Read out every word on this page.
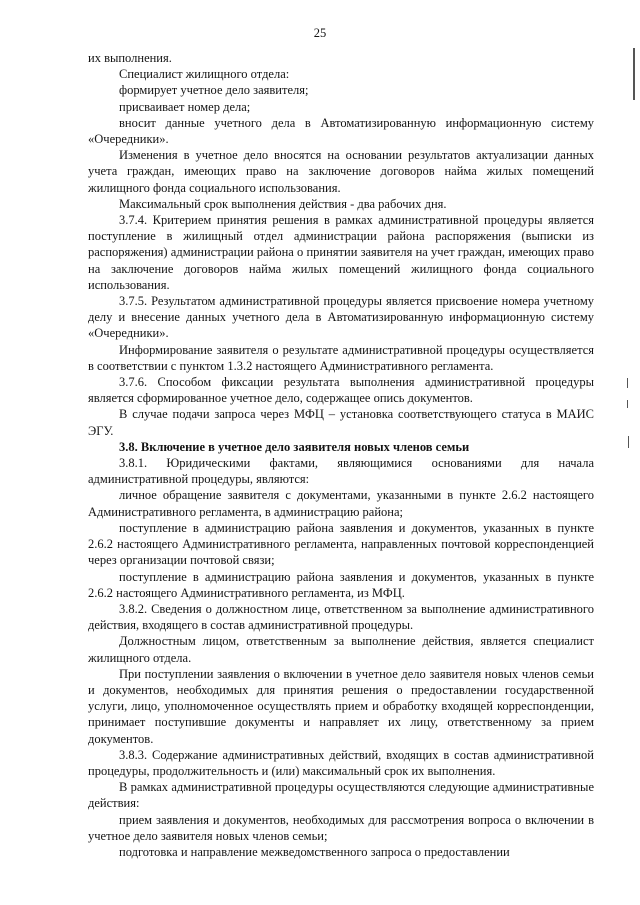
25

их выполнения.

Специалист жилищного отдела:

формирует учетное дело заявителя;

присваивает номер дела;

вносит данные учетного дела в Автоматизированную информационную систему «Очередники».

Изменения в учетное дело вносятся на основании результатов актуализации данных учета граждан, имеющих право на заключение договоров найма жилых помещений жилищного фонда социального использования.

Максимальный срок выполнения действия - два рабочих дня.

3.7.4. Критерием принятия решения в рамках административной процедуры является поступление в жилищный отдел администрации района распоряжения (выписки из распоряжения) администрации района о принятии заявителя на учет граждан, имеющих право на заключение договоров найма жилых помещений жилищного фонда социального использования.

3.7.5. Результатом административной процедуры является присвоение номера учетному делу и внесение данных учетного дела в Автоматизированную информационную систему «Очередники».

Информирование заявителя о результате административной процедуры осуществляется в соответствии с пунктом 1.3.2 настоящего Административного регламента.

3.7.6. Способом фиксации результата выполнения административной процедуры является сформированное учетное дело, содержащее опись документов.

В случае подачи запроса через МФЦ – установка соответствующего статуса в МАИС ЭГУ.

3.8. Включение в учетное дело заявителя новых членов семьи

3.8.1. Юридическими фактами, являющимися основаниями для начала административной процедуры, являются:

личное обращение заявителя с документами, указанными в пункте 2.6.2 настоящего Административного регламента, в администрацию района;

поступление в администрацию района заявления и документов, указанных в пункте 2.6.2 настоящего Административного регламента, направленных почтовой корреспонденцией через организации почтовой связи;

поступление в администрацию района заявления и документов, указанных в пункте 2.6.2 настоящего Административного регламента, из МФЦ.

3.8.2. Сведения о должностном лице, ответственном за выполнение административного действия, входящего в состав административной процедуры.

Должностным лицом, ответственным за выполнение действия, является специалист жилищного отдела.

При поступлении заявления о включении в учетное дело заявителя новых членов семьи и документов, необходимых для принятия решения о предоставлении государственной услуги, лицо, уполномоченное осуществлять прием и обработку входящей корреспонденции, принимает поступившие документы и направляет их лицу, ответственному за прием документов.

3.8.3. Содержание административных действий, входящих в состав административной процедуры, продолжительность и (или) максимальный срок их выполнения.

В рамках административной процедуры осуществляются следующие административные действия:

прием заявления и документов, необходимых для рассмотрения вопроса о включении в учетное дело заявителя новых членов семьи;

подготовка и направление межведомственного запроса о предоставлении
